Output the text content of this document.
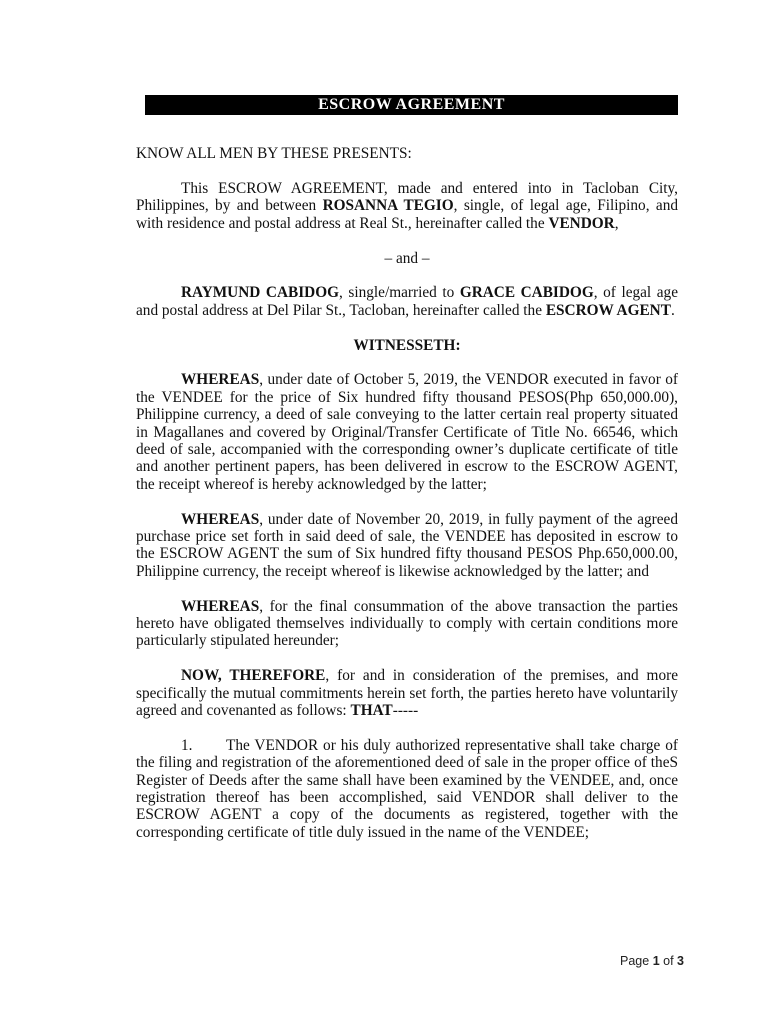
ESCROW AGREEMENT

KNOW ALL MEN BY THESE PRESENTS:

This ESCROW AGREEMENT, made and entered into in Tacloban City, Philippines, by and between ROSANNA TEGIO, single, of legal age, Filipino, and with residence and postal address at Real St., hereinafter called the VENDOR,

– and –

RAYMUND CABIDOG, single/married to GRACE CABIDOG, of legal age and postal address at Del Pilar St., Tacloban, hereinafter called the ESCROW AGENT.

WITNESSETH:

WHEREAS, under date of October 5, 2019, the VENDOR executed in favor of the VENDEE for the price of Six hundred fifty thousand PESOS(Php 650,000.00), Philippine currency, a deed of sale conveying to the latter certain real property situated in Magallanes and covered by Original/Transfer Certificate of Title No. 66546, which deed of sale, accompanied with the corresponding owner’s duplicate certificate of title and another pertinent papers, has been delivered in escrow to the ESCROW AGENT, the receipt whereof is hereby acknowledged by the latter;

WHEREAS, under date of November 20, 2019, in fully payment of the agreed purchase price set forth in said deed of sale, the VENDEE has deposited in escrow to the ESCROW AGENT the sum of Six hundred fifty thousand PESOS Php.650,000.00, Philippine currency, the receipt whereof is likewise acknowledged by the latter; and

WHEREAS, for the final consummation of the above transaction the parties hereto have obligated themselves individually to comply with certain conditions more particularly stipulated hereunder;

NOW, THEREFORE, for and in consideration of the premises, and more specifically the mutual commitments herein set forth, the parties hereto have voluntarily agreed and covenanted as follows: THAT-----

1. The VENDOR or his duly authorized representative shall take charge of the filing and registration of the aforementioned deed of sale in the proper office of theS Register of Deeds after the same shall have been examined by the VENDEE, and, once registration thereof has been accomplished, said VENDOR shall deliver to the ESCROW AGENT a copy of the documents as registered, together with the corresponding certificate of title duly issued in the name of the VENDEE;

Page 1 of 3
